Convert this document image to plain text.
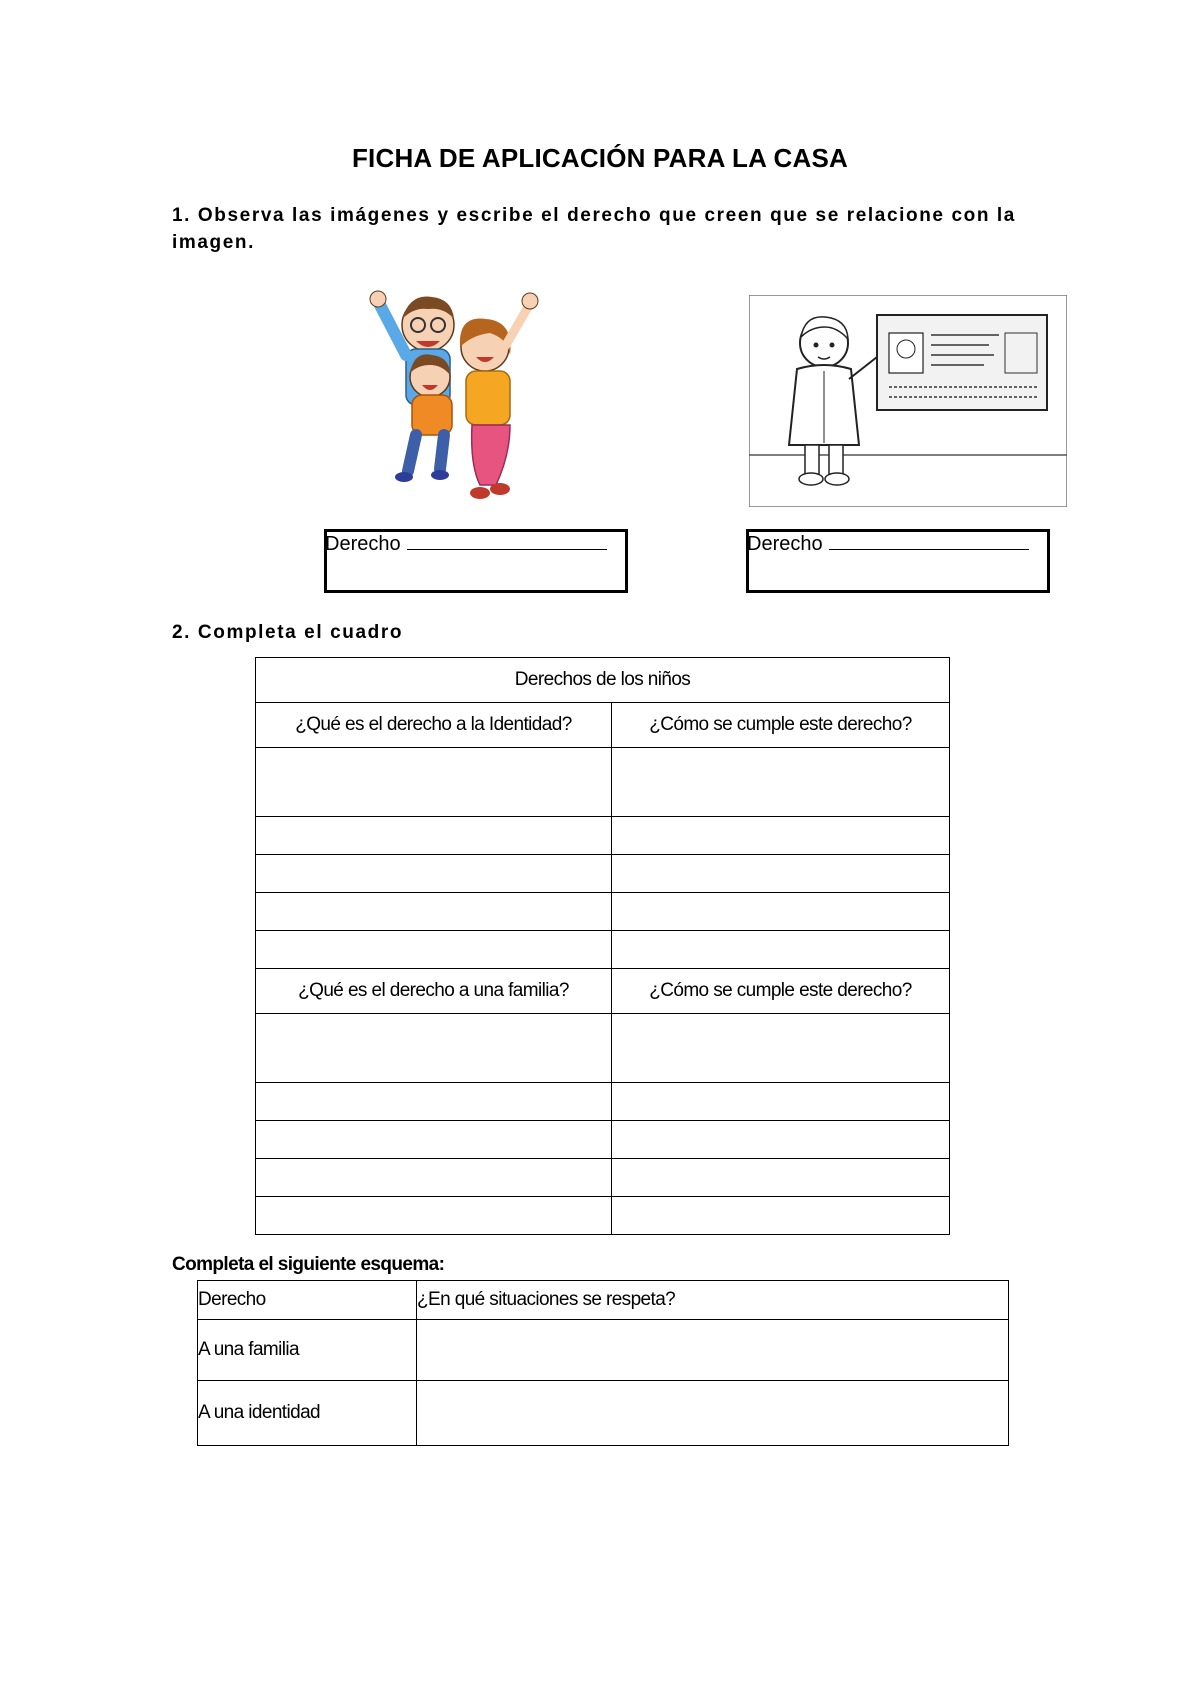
FICHA DE APLICACIÓN PARA LA CASA
1. Observa las imágenes y escribe el derecho que creen que se relacione con la imagen.
Derecho	Derecho
2. Completa el cuadro
Derechos de los niños	
¿Qué es el derecho a la Identidad?	¿Cómo se cumple este derecho?

¿Qué es el derecho a una familia?	¿Cómo se cumple este derecho?

Completa el siguiente esquema:
Derecho	¿En qué situaciones se respeta?
A una familia	
A una identidad	
